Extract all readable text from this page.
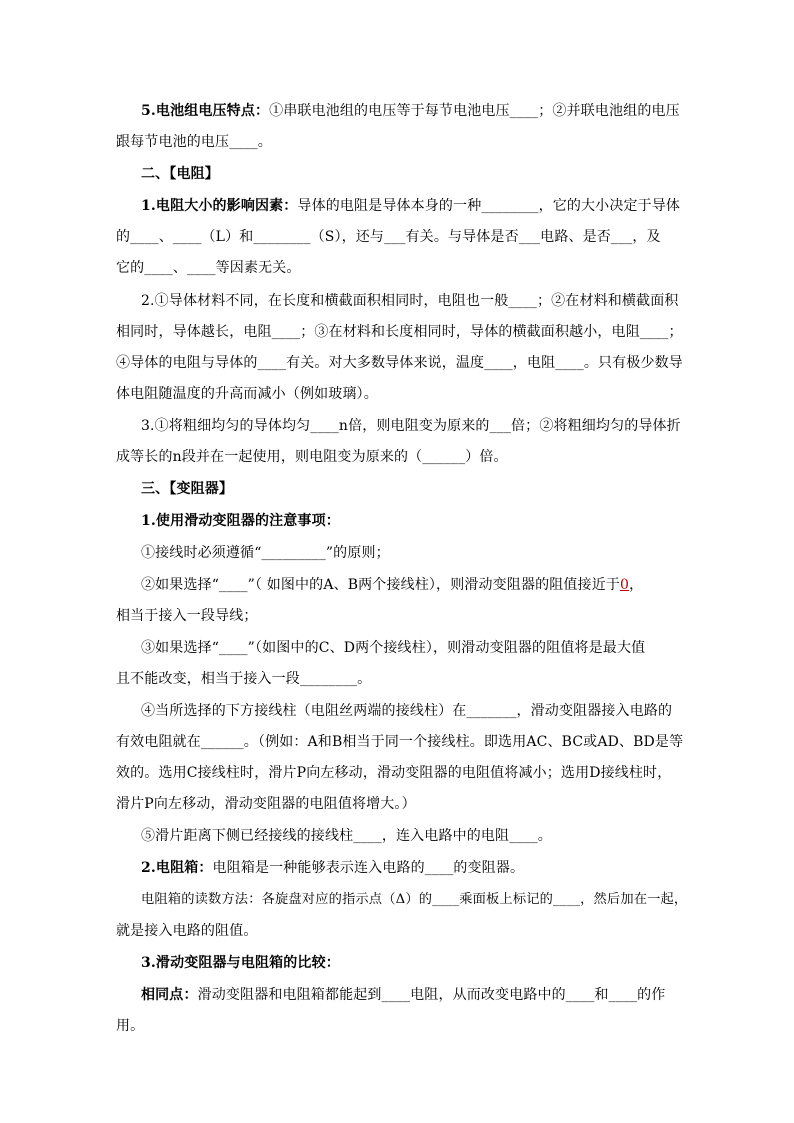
5.电池组电压特点：①串联电池组的电压等于每节电池电压____；②并联电池组的电压
跟每节电池的电压____。
二、【电阻】
1.电阻大小的影响因素：导体的电阻是导体本身的一种________，它的大小决定于导体
的____、____（L）和________（S），还与___有关。与导体是否___电路、是否___，及
它的____、____等因素无关。
2.①导体材料不同，在长度和横截面积相同时，电阻也一般____；②在材料和横截面积
相同时，导体越长，电阻____；③在材料和长度相同时，导体的横截面积越小，电阻____；
④导体的电阻与导体的____有关。对大多数导体来说，温度____，电阻____。只有极少数导
体电阻随温度的升高而减小（例如玻璃）。
3.①将粗细均匀的导体均匀____n倍，则电阻变为原来的___倍；②将粗细均匀的导体折
成等长的n段并在一起使用，则电阻变为原来的（______）倍。
三、【变阻器】
1.使用滑动变阻器的注意事项：
①接线时必须遵循“_________”的原则；
②如果选择“____”（ 如图中的A、B两个接线柱），则滑动变阻器的阻值接近于0，
相当于接入一段导线；
③如果选择“____”（如图中的C、D两个接线柱），则滑动变阻器的阻值将是最大值
且不能改变，相当于接入一段________。
④当所选择的下方接线柱（电阻丝两端的接线柱）在_______，滑动变阻器接入电路的
有效电阻就在______。（例如：A和B相当于同一个接线柱。即选用AC、BC或AD、BD是等
效的。选用C接线柱时，滑片P向左移动，滑动变阻器的电阻值将减小；选用D接线柱时，
滑片P向左移动，滑动变阻器的电阻值将增大。）
⑤滑片距离下侧已经接线的接线柱____，连入电路中的电阻____。
2.电阻箱：电阻箱是一种能够表示连入电路的____的变阻器。
电阻箱的读数方法：各旋盘对应的指示点（Δ）的____乘面板上标记的____，然后加在一起，
就是接入电路的阻值。
3.滑动变阻器与电阻箱的比较：
相同点：滑动变阻器和电阻箱都能起到____电阻，从而改变电路中的____和____的作
用。
